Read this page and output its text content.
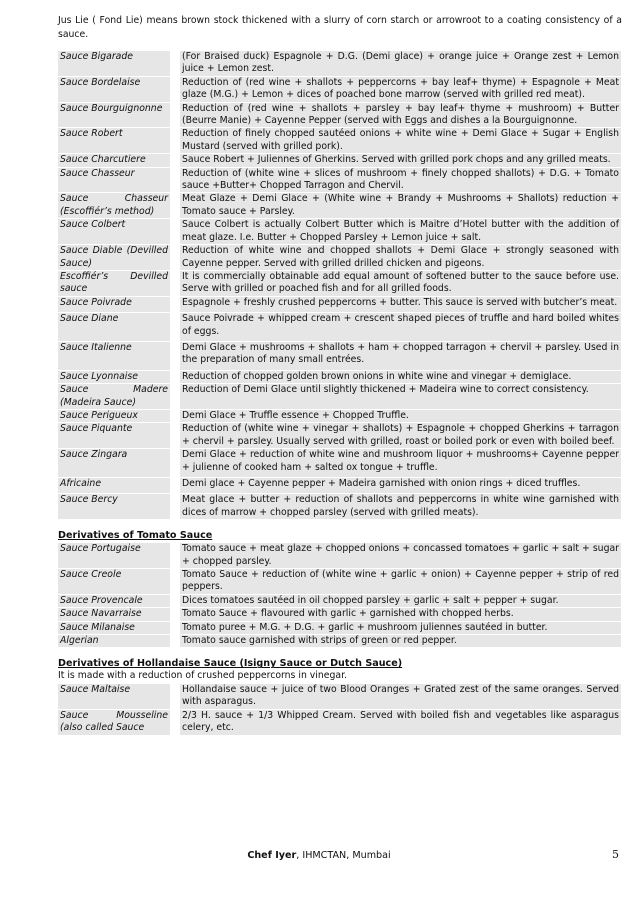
Jus Lie ( Fond Lie) means brown stock thickened with a slurry of corn starch or arrowroot to a coating consistency of a sauce.

Sauce Bigarade		(For Braised duck) Espagnole + D.G. (Demi glace) + orange juice + Orange zest + Lemon juice + Lemon zest.
Sauce Bordelaise		Reduction of (red wine + shallots + peppercorns + bay leaf+ thyme) + Espagnole + Meat glaze (M.G.) + Lemon + dices of poached bone marrow (served with grilled red meat).
Sauce Bourguignonne		Reduction of (red wine + shallots + parsley + bay leaf+ thyme + mushroom) + Butter (Beurre Manie) + Cayenne Pepper (served with Eggs and dishes a la Bourguignonne.
Sauce Robert		Reduction of finely chopped sautéed onions + white wine + Demi Glace + Sugar + English Mustard (served with grilled pork).
Sauce Charcutiere		Sauce Robert + Juliennes of Gherkins. Served with grilled pork chops and any grilled meats.
Sauce Chasseur		Reduction of (white wine + slices of mushroom + finely chopped shallots) + D.G. + Tomato sauce +Butter+ Chopped Tarragon and Chervil.
Sauce Chasseur (Escoffiér’s method)		Meat Glaze + Demi Glace + (White wine + Brandy + Mushrooms + Shallots) reduction + Tomato sauce + Parsley.
Sauce Colbert		Sauce Colbert is actually Colbert Butter which is Maitre d’Hotel butter with the addition of meat glaze. I.e. Butter + Chopped Parsley + Lemon juice + salt.
Sauce Diable (Devilled Sauce)		Reduction of white wine and chopped shallots + Demi Glace + strongly seasoned with Cayenne pepper. Served with grilled drilled chicken and pigeons.
Escoffiér’s Devilled sauce		It is commercially obtainable add equal amount of softened butter to the sauce before use. Serve with grilled or poached fish and for all grilled foods.
Sauce Poivrade		Espagnole + freshly crushed peppercorns + butter. This sauce is served with butcher’s meat.
Sauce Diane		Sauce Poivrade + whipped cream + crescent shaped pieces of truffle and hard boiled whites of eggs.
Sauce Italienne		Demi Glace + mushrooms + shallots + ham + chopped tarragon + chervil + parsley. Used in the preparation of many small entrées.
Sauce Lyonnaise		Reduction of chopped golden brown onions in white wine and vinegar + demiglace.
Sauce Madere (Madeira Sauce)		Reduction of Demi Glace until slightly thickened + Madeira wine to correct consistency.
Sauce Perigueux		Demi Glace + Truffle essence + Chopped Truffle.
Sauce Piquante		Reduction of (white wine + vinegar + shallots) + Espagnole + chopped Gherkins + tarragon + chervil + parsley. Usually served with grilled, roast or boiled pork or even with boiled beef.
Sauce Zingara		Demi Glace + reduction of white wine and mushroom liquor + mushrooms+ Cayenne pepper + julienne of cooked ham + salted ox tongue + truffle.
Africaine		Demi glace + Cayenne pepper + Madeira garnished with onion rings + diced truffles.
Sauce Bercy		Meat glace + butter + reduction of shallots and peppercorns in white wine garnished with dices of marrow + chopped parsley (served with grilled meats).
Derivatives of Tomato Sauce
Sauce Portugaise		Tomato sauce + meat glaze + chopped onions + concassed tomatoes + garlic + salt + sugar + chopped parsley.
Sauce Creole		Tomato Sauce + reduction of (white wine + garlic + onion) + Cayenne pepper + strip of red peppers.
Sauce Provencale		Dices tomatoes sautéed in oil chopped parsley + garlic + salt + pepper + sugar.
Sauce Navarraise		Tomato Sauce + flavoured with garlic + garnished with chopped herbs.
Sauce Milanaise		Tomato puree + M.G. + D.G. + garlic + mushroom juliennes sautéed in butter.
Algerian		Tomato sauce garnished with strips of green or red pepper.
Derivatives of Hollandaise Sauce (Isigny Sauce or Dutch Sauce)

It is made with a reduction of crushed peppercorns in vinegar.

Sauce Maltaise		Hollandaise sauce + juice of two Blood Oranges + Grated zest of the same oranges. Served with asparagus.
Sauce Mousseline (also called Sauce		2/3 H. sauce + 1/3 Whipped Cream. Served with boiled fish and vegetables like asparagus celery, etc.
Chef Iyer, IHMCTAN, Mumbai	5
